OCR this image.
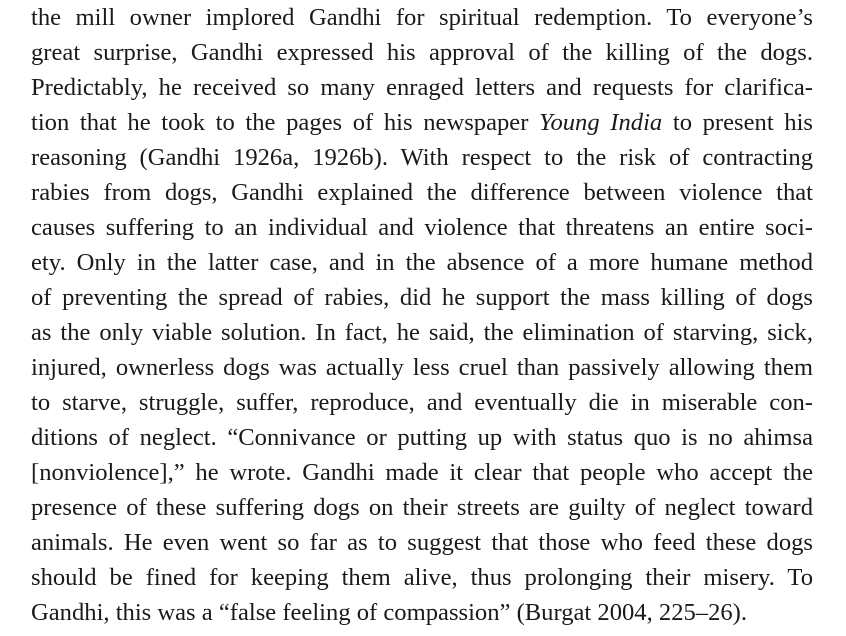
the mill owner implored Gandhi for spiritual redemption. To everyone’s
great surprise, Gandhi expressed his approval of the killing of the dogs.
Predictably, he received so many enraged letters and requests for clarifica-
tion that he took to the pages of his newspaper Young India to present his
reasoning (Gandhi 1926a, 1926b). With respect to the risk of contracting
rabies from dogs, Gandhi explained the difference between violence that
causes suffering to an individual and violence that threatens an entire soci-
ety. Only in the latter case, and in the absence of a more humane method
of preventing the spread of rabies, did he support the mass killing of dogs
as the only viable solution. In fact, he said, the elimination of starving, sick,
injured, ownerless dogs was actually less cruel than passively allowing them
to starve, struggle, suffer, reproduce, and eventually die in miserable con-
ditions of neglect. “Connivance or putting up with status quo is no ahimsa
[nonviolence],” he wrote. Gandhi made it clear that people who accept the
presence of these suffering dogs on their streets are guilty of neglect toward
animals. He even went so far as to suggest that those who feed these dogs
should be fined for keeping them alive, thus prolonging their misery. To
Gandhi, this was a “false feeling of compassion” (Burgat 2004, 225–26).
